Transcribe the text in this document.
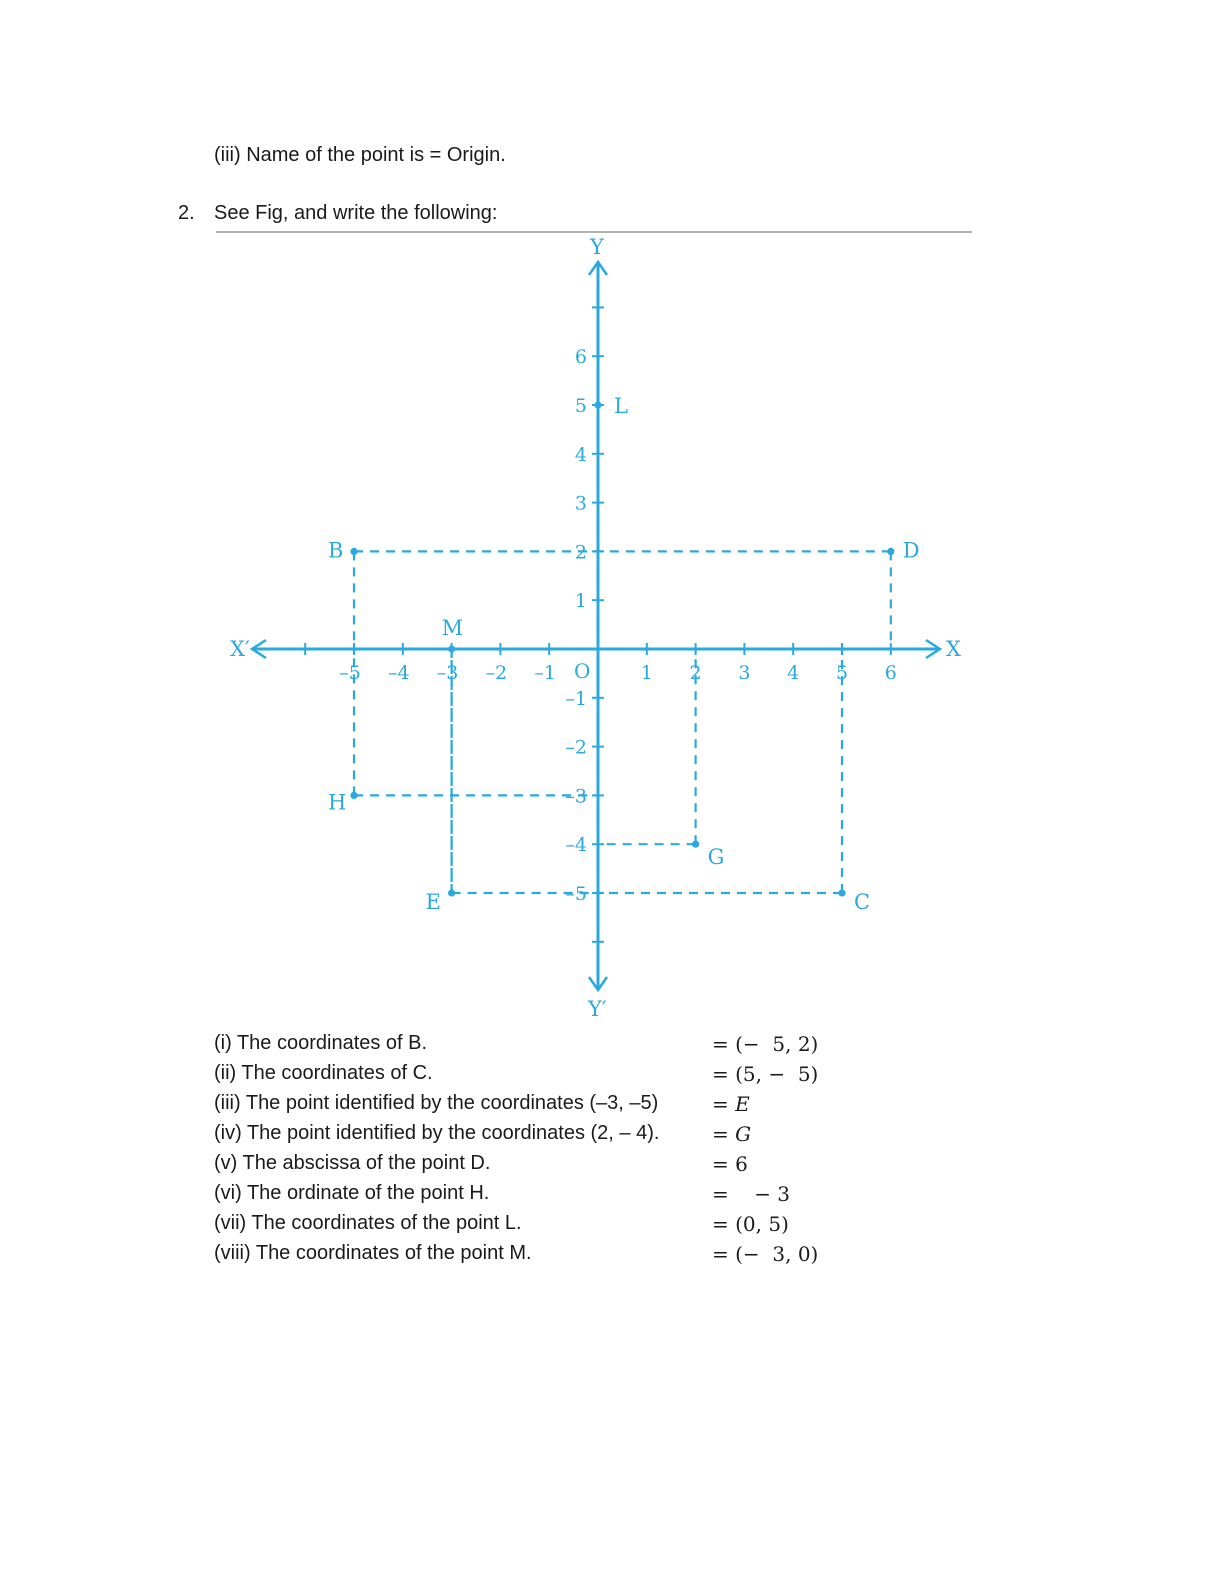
(iii) Name of the point is = Origin.
2. See Fig, and write the following:
–5 –4 –3 –2 –1	1 2 3 4 5 6
6
5
4
3
2
1
–1
–2
–3
–4
–5
X
X′
Y
Y′
O
B	D
L
M
H
G
E	C
(i) The coordinates of B.	= (−  5, 2)
(ii) The coordinates of C.	= (5, −  5)
(iii) The point identified by the coordinates (–3, –5)	= E
(iv) The point identified by the coordinates (2, – 4).	= G
(v) The abscissa of the point D.	= 6
(vi) The ordinate of the point H.	=    − 3
(vii) The coordinates of the point L.	= (0, 5)
(viii) The coordinates of the point M.	= (−  3, 0)
